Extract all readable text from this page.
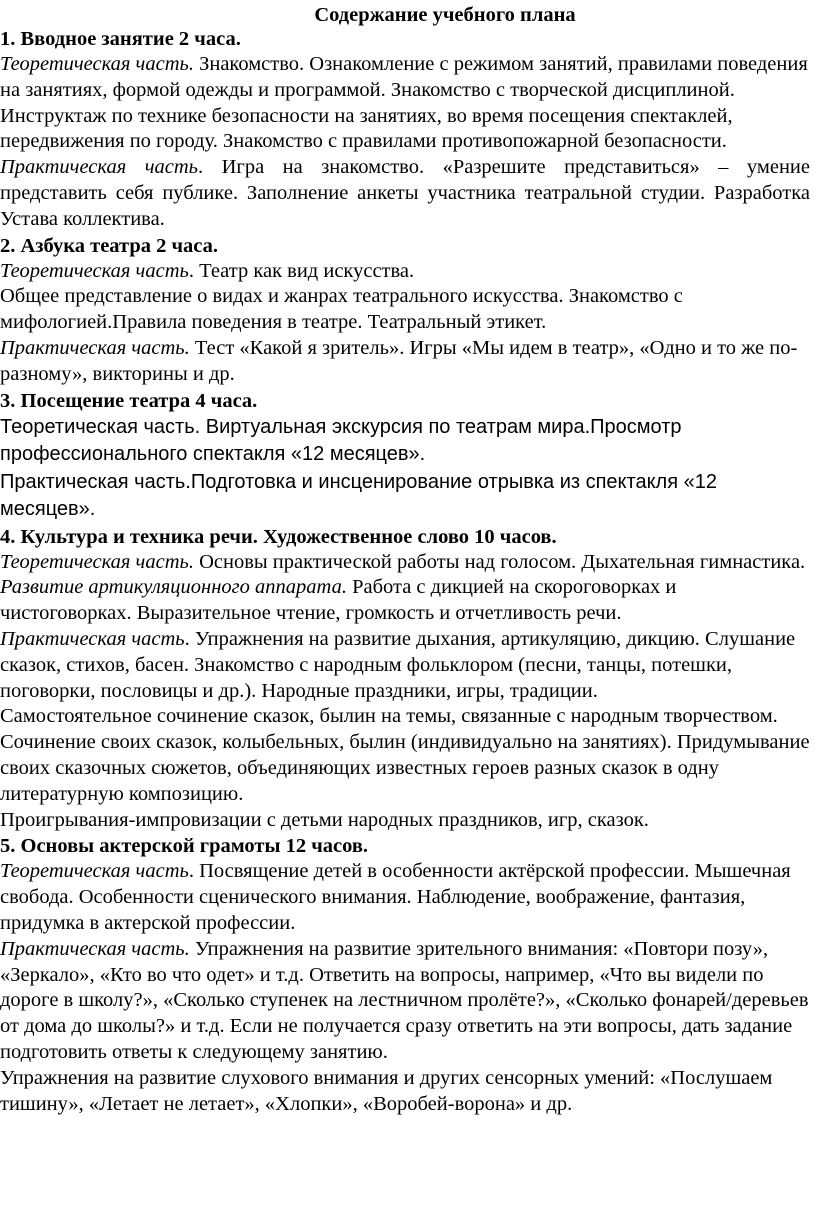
Содержание учебного плана

1. Вводное занятие 2 часа.

Теоретическая часть. Знакомство. Ознакомление с режимом занятий, правилами поведения на занятиях, формой одежды и программой. Знакомство с творческой дисциплиной. Инструктаж по технике безопасности на занятиях, во время посещения спектаклей, передвижения по городу. Знакомство с правилами противопожарной безопасности.

Практическая часть. Игра на знакомство. «Разрешите представиться» – умение представить себя публике. Заполнение анкеты участника театральной студии. Разработка Устава коллектива.

2. Азбука театра 2 часа.

Теоретическая часть. Театр как вид искусства.

Общее представление о видах и жанрах театрального искусства. Знакомство с мифологией.Правила поведения в театре. Театральный этикет.

Практическая часть. Тест «Какой я зритель». Игры «Мы идем в театр», «Одно и то же по-разному», викторины и др.

3. Посещение театра 4 часа.

Теоретическая часть. Виртуальная экскурсия по театрам мира.Просмотр профессионального спектакля «12 месяцев».

Практическая часть.Подготовка и инсценирование отрывка из спектакля «12 месяцев».

4. Культура и техника речи. Художественное слово 10 часов.

Теоретическая часть. Основы практической работы над голосом. Дыхательная гимнастика.

Развитие артикуляционного аппарата. Работа с дикцией на скороговорках и чистоговорках. Выразительное чтение, громкость и отчетливость речи.

Практическая часть. Упражнения на развитие дыхания, артикуляцию, дикцию. Слушание сказок, стихов, басен. Знакомство с народным фольклором (песни, танцы, потешки, поговорки, пословицы и др.). Народные праздники, игры, традиции.

Самостоятельное сочинение сказок, былин на темы, связанные с народным творчеством. Сочинение своих сказок, колыбельных, былин (индивидуально на занятиях). Придумывание своих сказочных сюжетов, объединяющих известных героев разных сказок в одну литературную композицию.

Проигрывания-импровизации с детьми народных праздников, игр, сказок.

5. Основы актерской грамоты 12 часов.

Теоретическая часть. Посвящение детей в особенности актёрской профессии. Мышечная свобода. Особенности сценического внимания. Наблюдение, воображение, фантазия, придумка в актерской профессии.

Практическая часть. Упражнения на развитие зрительного внимания: «Повтори позу», «Зеркало», «Кто во что одет» и т.д. Ответить на вопросы, например, «Что вы видели по дороге в школу?», «Сколько ступенек на лестничном пролёте?», «Сколько фонарей/деревьев от дома до школы?» и т.д. Если не получается сразу ответить на эти вопросы, дать задание подготовить ответы к следующему занятию.

Упражнения на развитие слухового внимания и других сенсорных умений: «Послушаем тишину», «Летает не летает», «Хлопки», «Воробей-ворона» и др.
